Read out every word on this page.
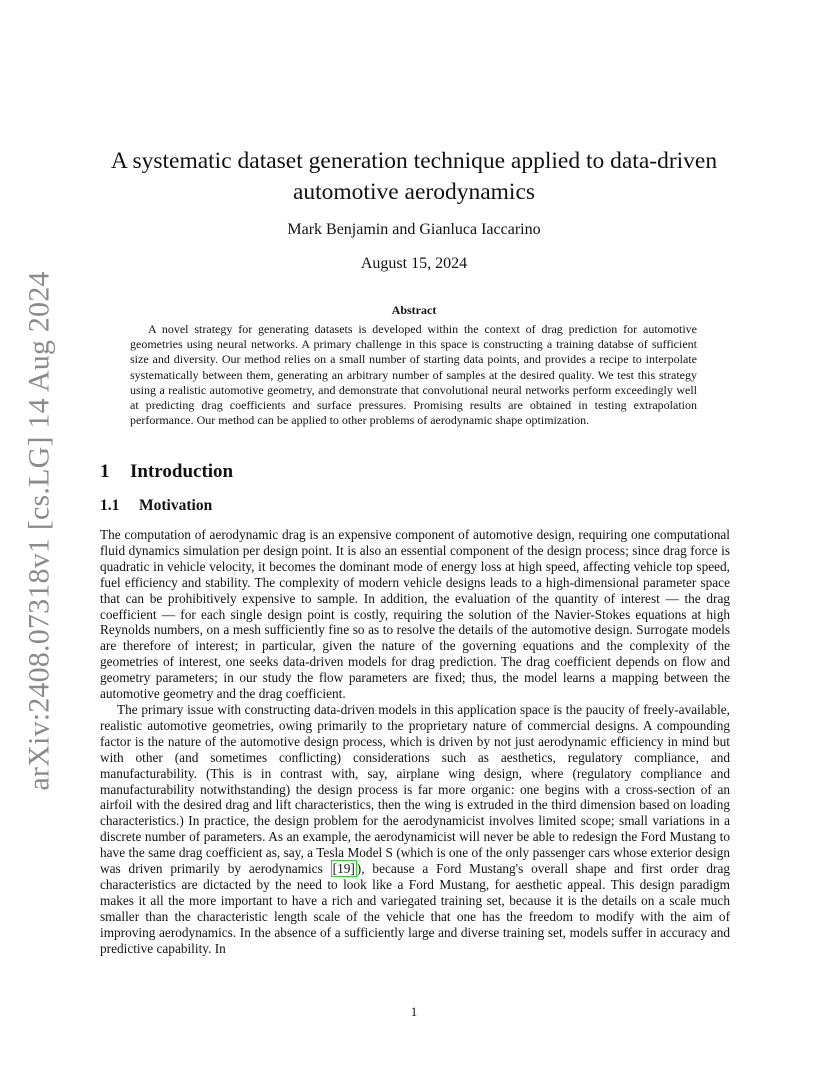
arXiv:2408.07318v1 [cs.LG] 14 Aug 2024
A systematic dataset generation technique applied to data-driven
automotive aerodynamics
Mark Benjamin and Gianluca Iaccarino
August 15, 2024
Abstract

A novel strategy for generating datasets is developed within the context of drag prediction for automotive geometries using neural networks. A primary challenge in this space is constructing a training databse of sufficient size and diversity. Our method relies on a small number of starting data points, and provides a recipe to interpolate systematically between them, generating an arbitrary number of samples at the desired quality. We test this strategy using a realistic automotive geometry, and demonstrate that convolutional neural networks perform exceedingly well at predicting drag coefficients and surface pressures. Promising results are obtained in testing extrapolation performance. Our method can be applied to other problems of aerodynamic shape optimization.

1 Introduction
1.1 Motivation

The computation of aerodynamic drag is an expensive component of automotive design, requiring one computational fluid dynamics simulation per design point. It is also an essential component of the design process; since drag force is quadratic in vehicle velocity, it becomes the dominant mode of energy loss at high speed, affecting vehicle top speed, fuel efficiency and stability. The complexity of modern vehicle designs leads to a high-dimensional parameter space that can be prohibitively expensive to sample. In addition, the evaluation of the quantity of interest — the drag coefficient — for each single design point is costly, requiring the solution of the Navier-Stokes equations at high Reynolds numbers, on a mesh sufficiently fine so as to resolve the details of the automotive design. Surrogate models are therefore of interest; in particular, given the nature of the governing equations and the complexity of the geometries of interest, one seeks data-driven models for drag prediction. The drag coefficient depends on flow and geometry parameters; in our study the flow parameters are fixed; thus, the model learns a mapping between the automotive geometry and the drag coefficient.

The primary issue with constructing data-driven models in this application space is the paucity of freely-available, realistic automotive geometries, owing primarily to the proprietary nature of commercial designs. A compounding factor is the nature of the automotive design process, which is driven by not just aerodynamic efficiency in mind but with other (and sometimes conflicting) considerations such as aesthetics, regulatory compliance, and manufacturability. (This is in contrast with, say, airplane wing design, where (regulatory compliance and manufacturability notwithstanding) the design process is far more organic: one begins with a cross-section of an airfoil with the desired drag and lift characteristics, then the wing is extruded in the third dimension based on loading characteristics.) In practice, the design problem for the aerodynamicist involves limited scope; small variations in a discrete number of parameters. As an example, the aerodynamicist will never be able to redesign the Ford Mustang to have the same drag coefficient as, say, a Tesla Model S (which is one of the only passenger cars whose exterior design was driven primarily by aerodynamics [19] ), because a Ford Mustang's overall shape and first order drag characteristics are dictacted by the need to look like a Ford Mustang, for aesthetic appeal. This design paradigm makes it all the more important to have a rich and variegated training set, because it is the details on a scale much smaller than the characteristic length scale of the vehicle that one has the freedom to modify with the aim of improving aerodynamics. In the absence of a sufficiently large and diverse training set, models suffer in accuracy and predictive capability. In

1
